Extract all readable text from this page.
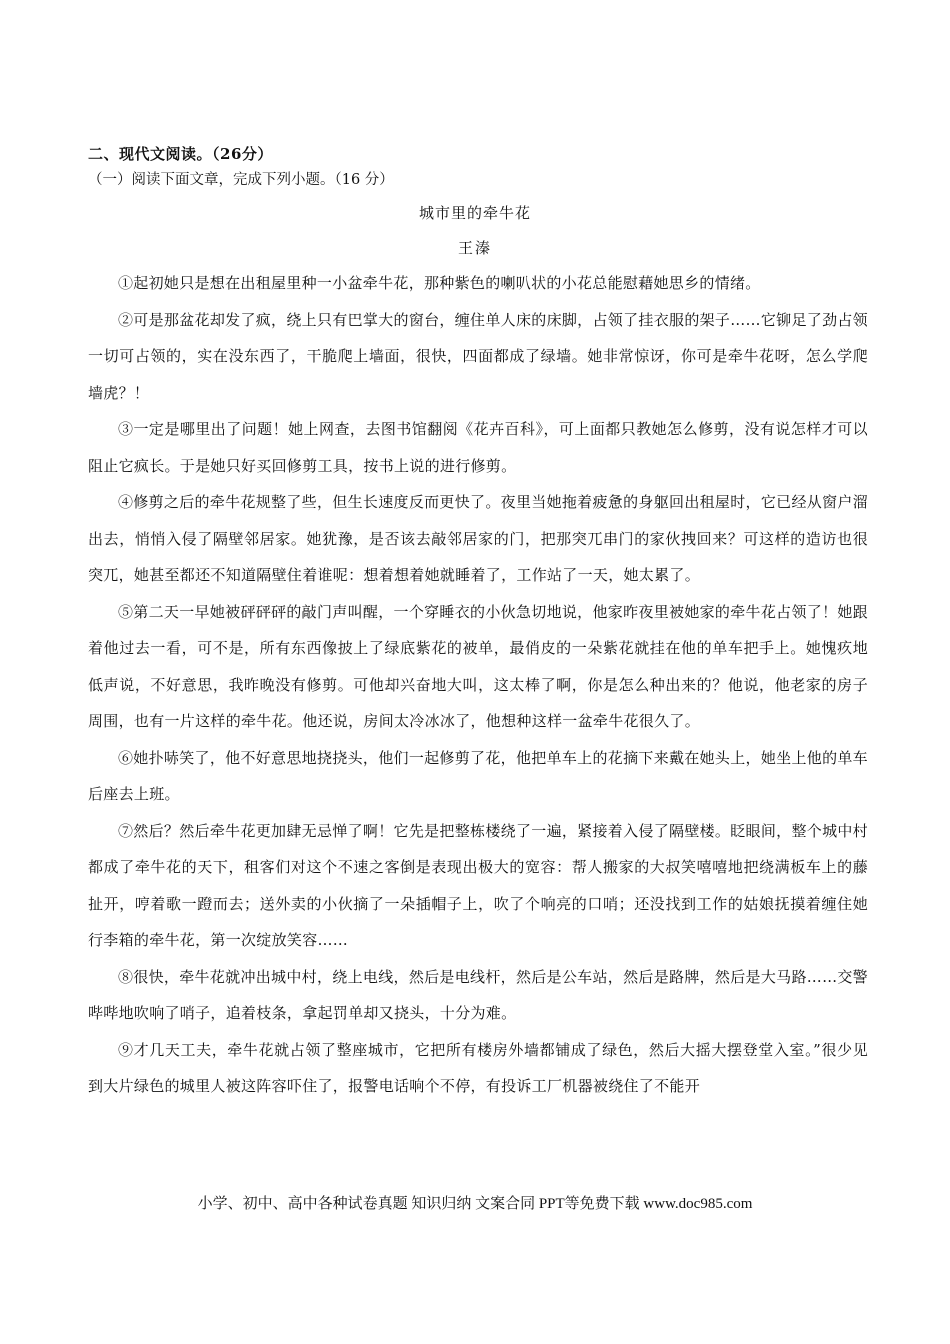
二、现代文阅读。（26分）

（一）阅读下面文章，完成下列小题。（16 分）

城市里的牵牛花

王溱

①起初她只是想在出租屋里种一小盆牵牛花，那种紫色的喇叭状的小花总能慰藉她思乡的情绪。

②可是那盆花却发了疯，绕上只有巴掌大的窗台，缠住单人床的床脚，占领了挂衣服的架子……它铆足了劲占领一切可占领的，实在没东西了，干脆爬上墙面，很快，四面都成了绿墙。她非常惊讶，你可是牵牛花呀，怎么学爬墙虎？！

③一定是哪里出了问题！她上网查，去图书馆翻阅《花卉百科》，可上面都只教她怎么修剪，没有说怎样才可以阻止它疯长。于是她只好买回修剪工具，按书上说的进行修剪。

④修剪之后的牵牛花规整了些，但生长速度反而更快了。夜里当她拖着疲惫的身躯回出租屋时，它已经从窗户溜出去，悄悄入侵了隔壁邻居家。她犹豫，是否该去敲邻居家的门，把那突兀串门的家伙拽回来？可这样的造访也很突兀，她甚至都还不知道隔壁住着谁呢：想着想着她就睡着了，工作站了一天，她太累了。

⑤第二天一早她被砰砰砰的敲门声叫醒，一个穿睡衣的小伙急切地说，他家昨夜里被她家的牵牛花占领了！她跟着他过去一看，可不是，所有东西像披上了绿底紫花的被单，最俏皮的一朵紫花就挂在他的单车把手上。她愧疚地低声说，不好意思，我昨晚没有修剪。可他却兴奋地大叫，这太棒了啊，你是怎么种出来的？他说，他老家的房子周围，也有一片这样的牵牛花。他还说，房间太冷冰冰了，他想种这样一盆牵牛花很久了。

⑥她扑哧笑了，他不好意思地挠挠头，他们一起修剪了花，他把单车上的花摘下来戴在她头上，她坐上他的单车后座去上班。

⑦然后？然后牵牛花更加肆无忌惮了啊！它先是把整栋楼绕了一遍，紧接着入侵了隔壁楼。眨眼间，整个城中村都成了牵牛花的天下，租客们对这个不速之客倒是表现出极大的宽容：帮人搬家的大叔笑嘻嘻地把绕满板车上的藤扯开，哼着歌一蹬而去；送外卖的小伙摘了一朵插帽子上，吹了个响亮的口哨；还没找到工作的姑娘抚摸着缠住她行李箱的牵牛花，第一次绽放笑容……

⑧很快，牵牛花就冲出城中村，绕上电线，然后是电线杆，然后是公车站，然后是路牌，然后是大马路……交警哔哔地吹响了哨子，追着枝条，拿起罚单却又挠头，十分为难。

⑨才几天工夫，牵牛花就占领了整座城市，它把所有楼房外墙都铺成了绿色，然后大摇大摆登堂入室。”很少见到大片绿色的城里人被这阵容吓住了，报警电话响个不停，有投诉工厂机器被绕住了不能开

小学、初中、高中各种试卷真题 知识归纳 文案合同 PPT等免费下载 www.doc985.com
